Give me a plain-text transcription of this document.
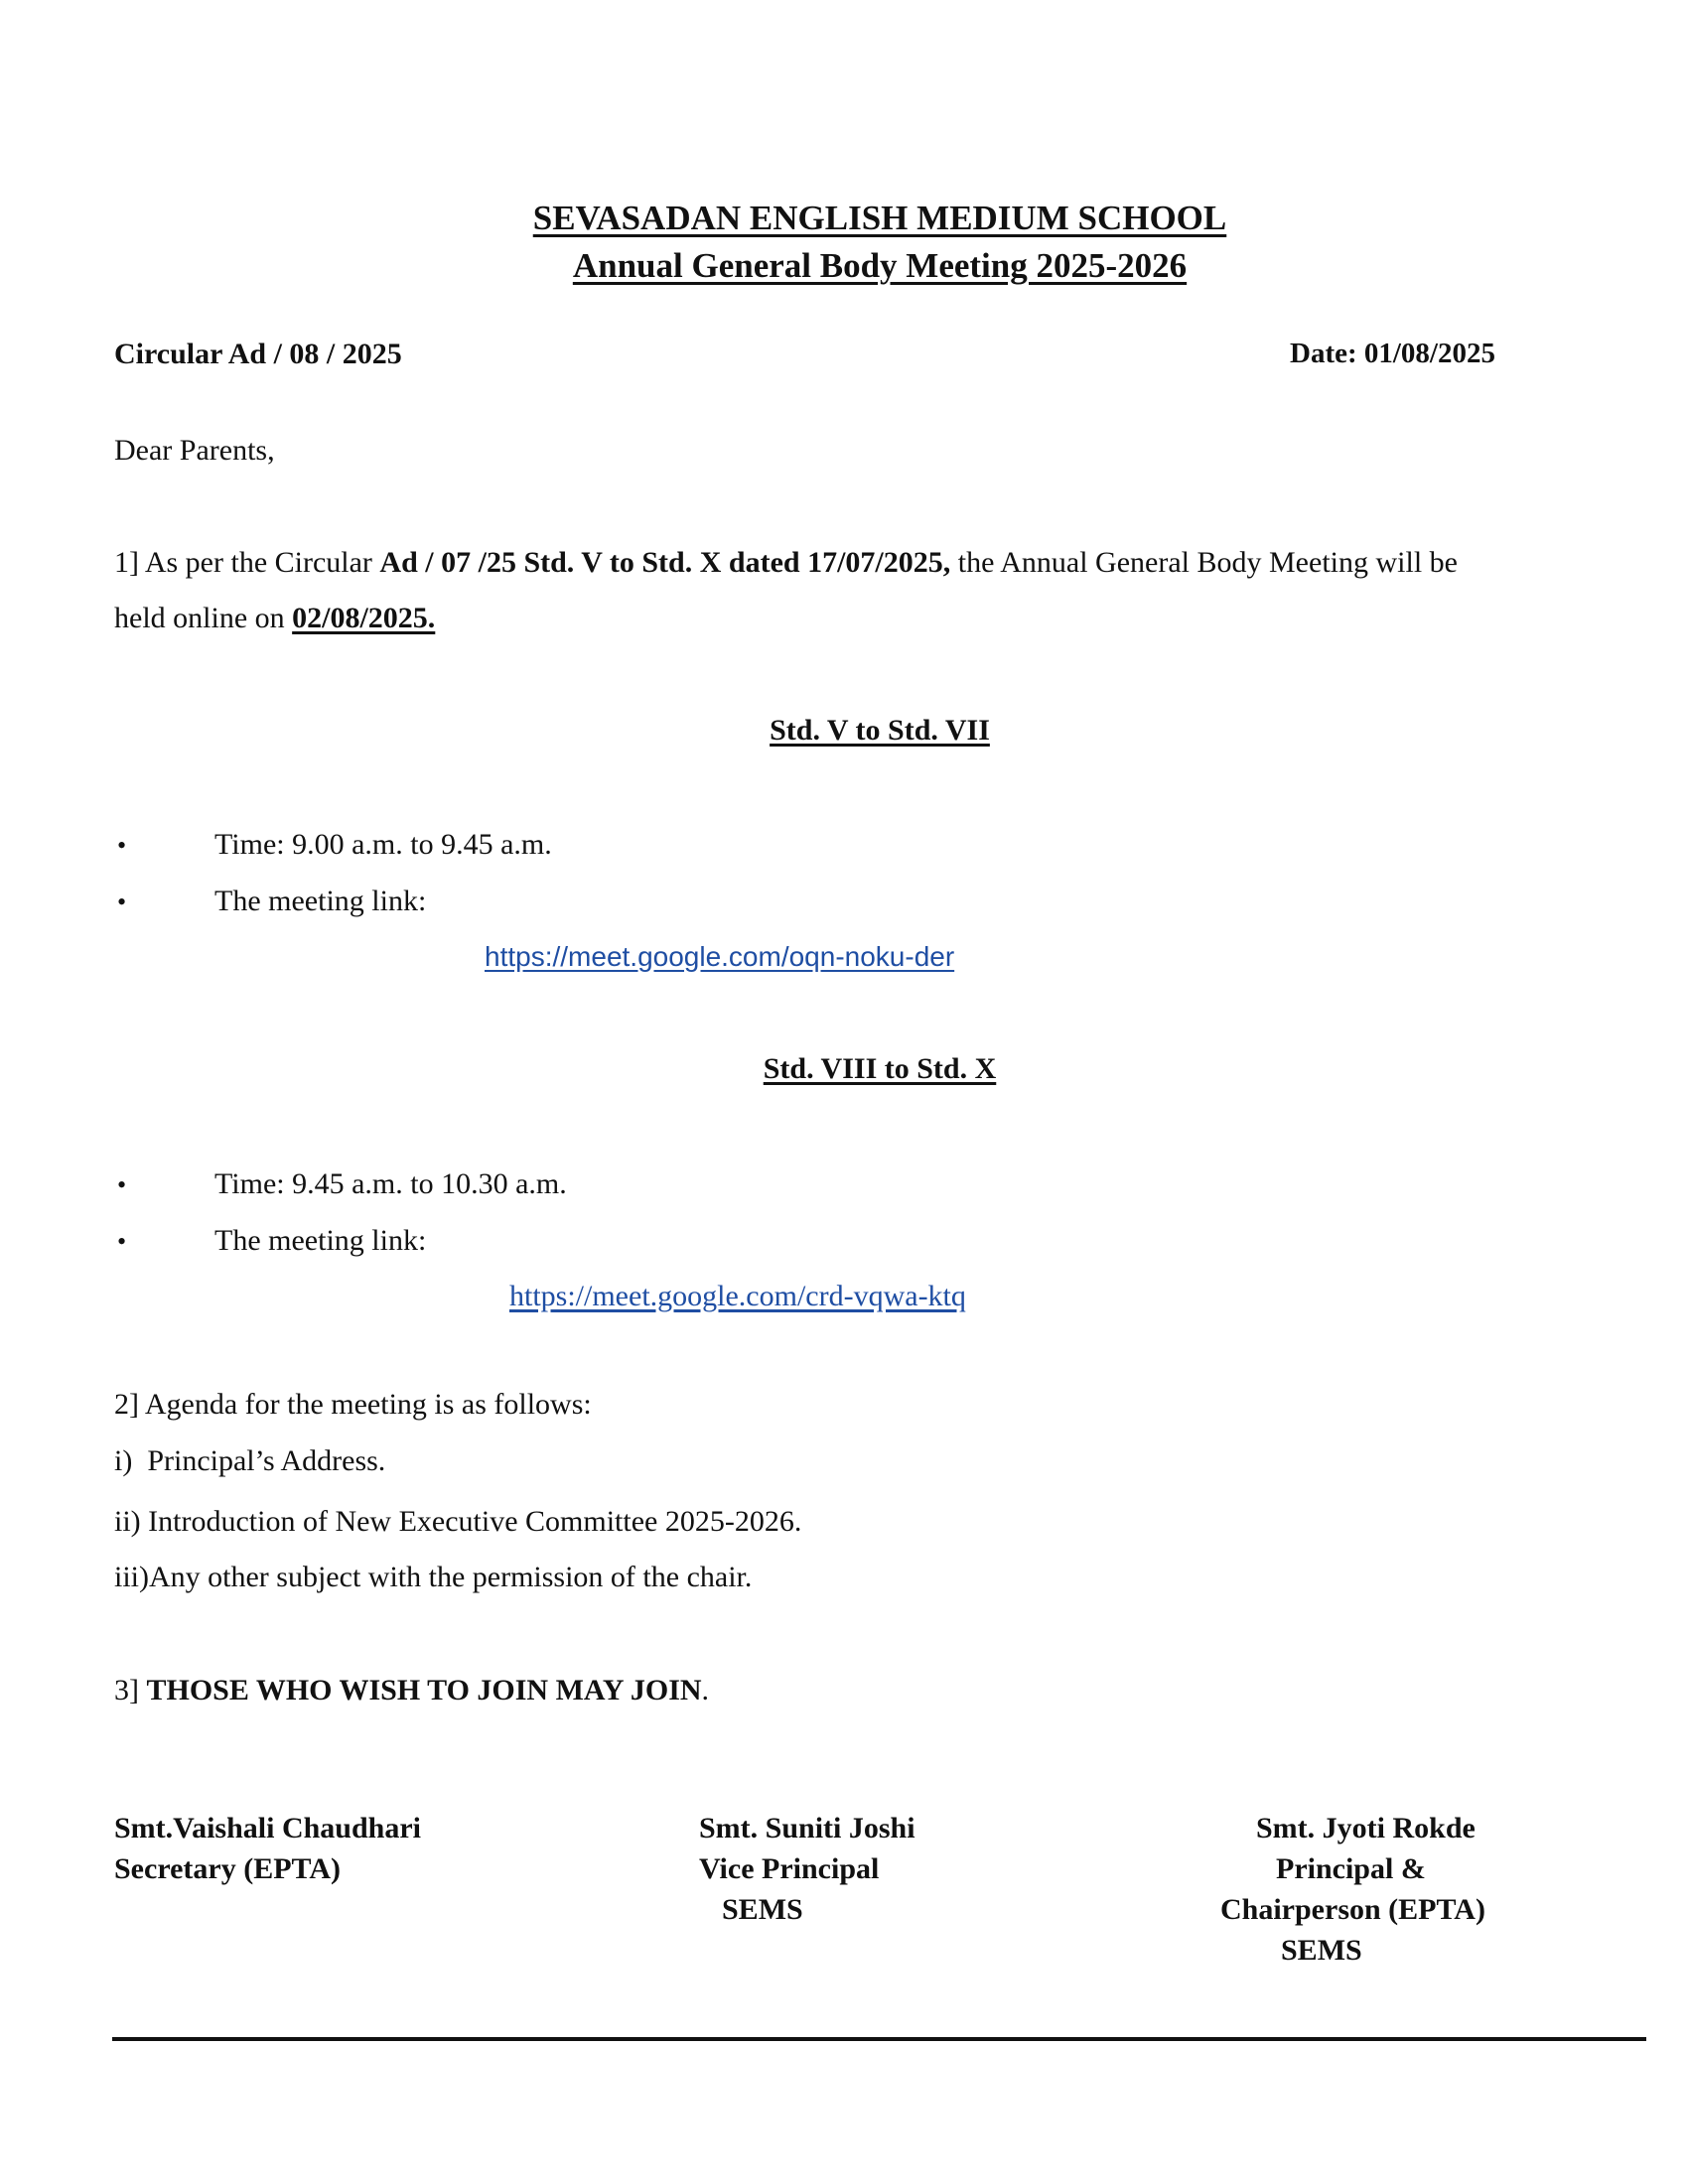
SEVASADAN ENGLISH MEDIUM SCHOOL
Annual General Body Meeting 2025-2026
Circular Ad / 08 / 2025	Date: 01/08/2025
Dear Parents,
1] As per the Circular Ad / 07 /25 Std. V to Std. X dated 17/07/2025, the Annual General Body Meeting will be
held online on 02/08/2025.
Std. V to Std. VII
•	Time: 9.00 a.m. to 9.45 a.m.
•	The meeting link:
https://meet.google.com/oqn-noku-der
Std. VIII to Std. X
•	Time: 9.45 a.m. to 10.30 a.m.
•	The meeting link:
https://meet.google.com/crd-vqwa-ktq
2] Agenda for the meeting is as follows:
i)  Principal’s Address.
ii) Introduction of New Executive Committee 2025-2026.
iii)Any other subject with the permission of the chair.
3] THOSE WHO WISH TO JOIN MAY JOIN.
Smt.Vaishali Chaudhari
Secretary (EPTA)
Smt. Suniti Joshi
Vice Principal
SEMS
Smt. Jyoti Rokde
Principal &
Chairperson (EPTA)
SEMS
